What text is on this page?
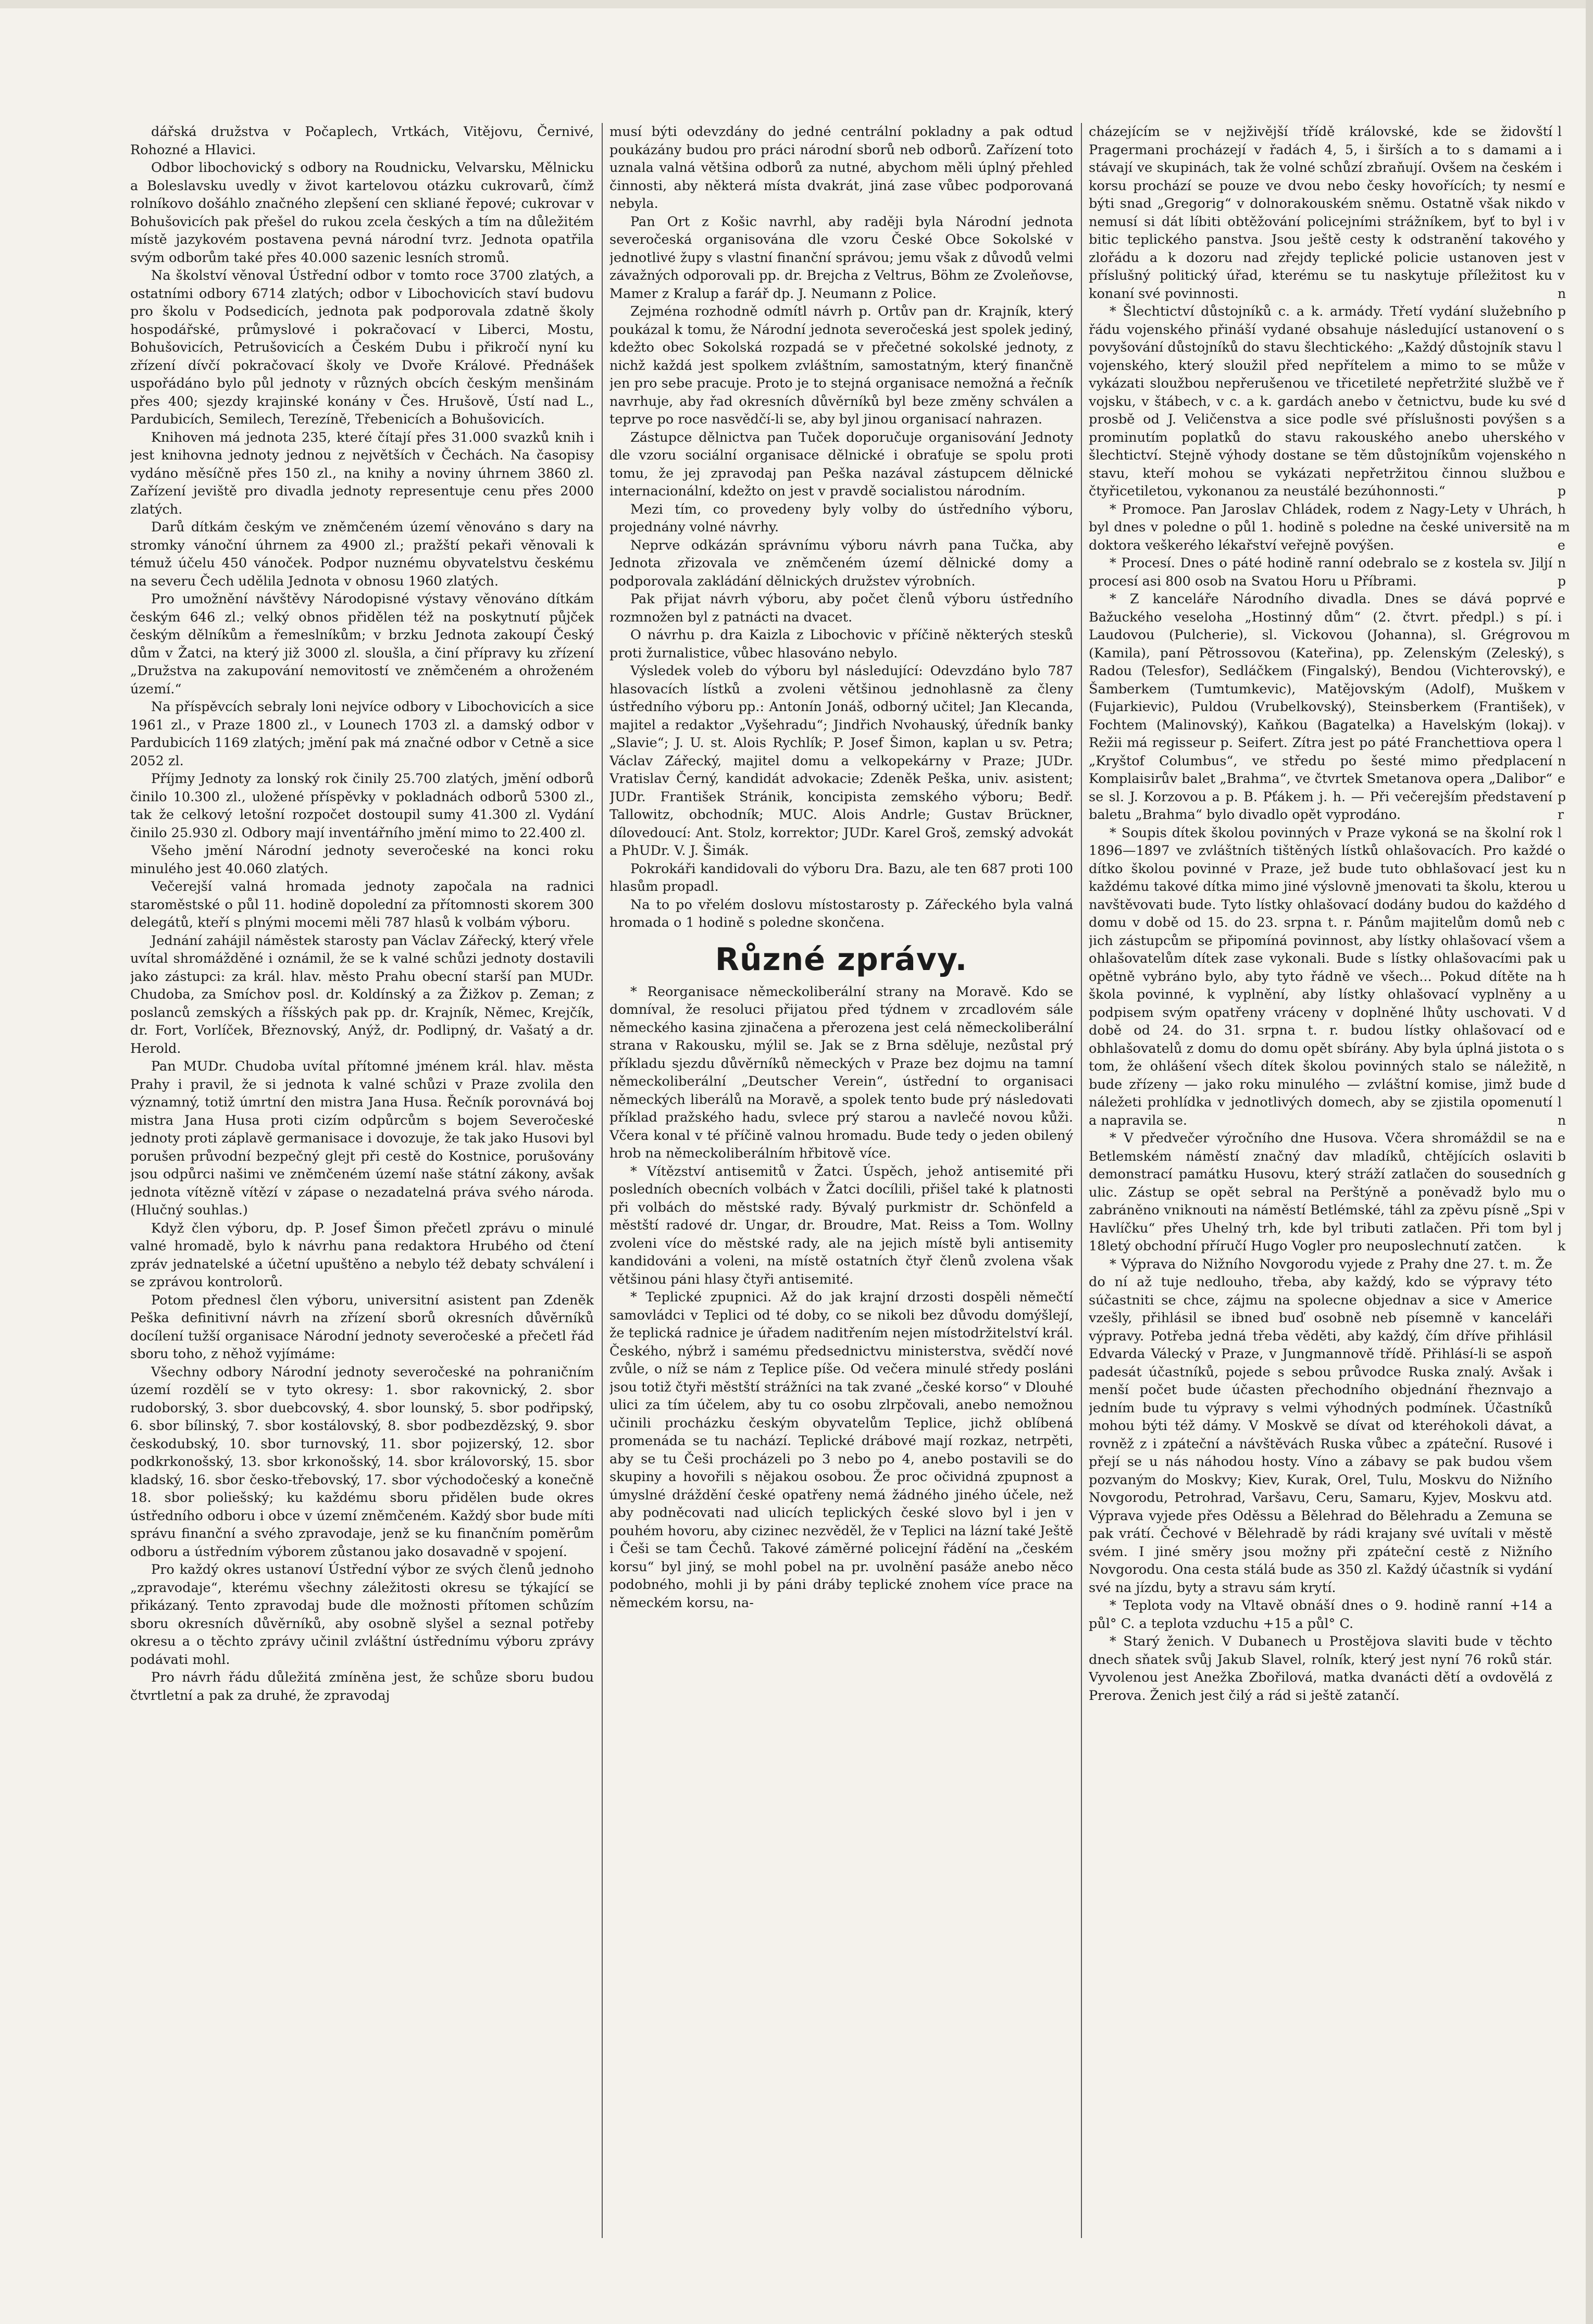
dářská družstva v Počaplech, Vrtkách, Vitějovu, Černivé, Rohozné a Hlavici.

Odbor libochovický s odbory na Roudnicku, Velvarsku, Mělnicku a Boleslavsku uvedly v život kartelovou otázku cukrovarů, čímž rolníkovo došáhlo značného zlepšení cen skliané řepové; cukrovar v Bohušovicích pak přešel do rukou zcela českých a tím na důležitém místě jazykovém postavena pevná národní tvrz. Jednota opatřila svým odborům také přes 40.000 sazenic lesních stromů.

Na školství věnoval Ústřední odbor v tomto roce 3700 zlatých, a ostatními odbory 6714 zlatých; odbor v Libochovicích staví budovu pro školu v Podsedicích, jednota pak podporovala zdatně školy hospodářské, průmyslové i pokračovací v Liberci, Mostu, Bohušovicích, Petrušovicích a Českém Dubu i přikročí nyní ku zřízení dívčí pokračovací školy ve Dvoře Králové. Přednášek uspořádáno bylo půl jednoty v různých obcích českým menšinám přes 400; sjezdy krajinské konány v Čes. Hrušově, Ústí nad L., Pardubicích, Semilech, Terezíně, Třebenicích a Bohušovicích.

Knihoven má jednota 235, které čítají přes 31.000 svazků knih i jest knihovna jednoty jednou z největších v Čechách. Na časopisy vydáno měsíčně přes 150 zl., na knihy a noviny úhrnem 3860 zl. Zařízení jeviště pro divadla jednoty representuje cenu přes 2000 zlatých.

Darů dítkám českým ve zněmčeném území věnováno s dary na stromky vánoční úhrnem za 4900 zl.; pražští pekaři věnovali k témuž účelu 450 vánoček. Podpor nuznému obyvatelstvu českému na severu Čech udělila Jednota v obnosu 1960 zlatých.

Pro umožnění návštěvy Národopisné výstavy věnováno dítkám českým 646 zl.; velký obnos přidělen též na poskytnutí půjček českým dělníkům a řemeslníkům; v brzku Jednota zakoupí Český dům v Žatci, na který již 3000 zl. sloušla, a činí přípravy ku zřízení „Družstva na zakupování nemovitostí ve zněmčeném a ohroženém území.“

Na příspěvcích sebraly loni nejvíce odbory v Libochovicích a sice 1961 zl., v Praze 1800 zl., v Lounech 1703 zl. a damský odbor v Pardubicích 1169 zlatých; jmění pak má značné odbor v Cetně a sice 2052 zl.

Příjmy Jednoty za lonský rok činily 25.700 zlatých, jmění odborů činilo 10.300 zl., uložené příspěvky v pokladnách odborů 5300 zl., tak že celkový letošní rozpočet dostoupil sumy 41.300 zl. Vydání činilo 25.930 zl. Odbory mají inventářního jmění mimo to 22.400 zl.

Všeho jmění Národní jednoty severočeské na konci roku minulého jest 40.060 zlatých.

Večerejší valná hromada jednoty započala na radnici staroměstské o půl 11. hodině dopolední za přítomnosti skorem 300 delegátů, kteří s plnými mocemi měli 787 hlasů k volbám výboru.

Jednání zahájil náměstek starosty pan Václav Zářecký, který vřele uvítal shromážděné i oznámil, že se k valné schůzi jednoty dostavili jako zástupci: za král. hlav. město Prahu obecní starší pan MUDr. Chudoba, za Smíchov posl. dr. Koldínský a za Žižkov p. Zeman; z poslanců zemských a říšských pak pp. dr. Krajník, Němec, Krejčík, dr. Fort, Vorlíček, Březnovský, Anýž, dr. Podlipný, dr. Vašatý a dr. Herold.

Pan MUDr. Chudoba uvítal přítomné jménem král. hlav. města Prahy i pravil, že si jednota k valné schůzi v Praze zvolila den významný, totiž úmrtní den mistra Jana Husa. Řečník porovnává boj mistra Jana Husa proti cizím odpůrcům s bojem Severočeské jednoty proti záplavě germanisace i dovozuje, že tak jako Husovi byl porušen průvodní bezpečný glejt při cestě do Kostnice, porušovány jsou odpůrci našimi ve zněmčeném území naše státní zákony, avšak jednota vítězně vítězí v zápase o nezadatelná práva svého národa. (Hlučný souhlas.)

Když člen výboru, dp. P. Josef Šimon přečetl zprávu o minulé valné hromadě, bylo k návrhu pana redaktora Hrubého od čtení zpráv jednatelské a účetní upuštěno a nebylo též debaty schválení i se zprávou kontrolorů.

Potom přednesl člen výboru, universitní asistent pan Zdeněk Peška definitivní návrh na zřízení sborů okresních důvěrníků docílení tužší organisace Národní jednoty severočeské a přečetl řád sboru toho, z něhož vyjímáme:

Všechny odbory Národní jednoty severočeské na pohraničním území rozdělí se v tyto okresy: 1. sbor rakovnický, 2. sbor rudoborský, 3. sbor duebcovský, 4. sbor lounský, 5. sbor podřipský, 6. sbor bílinský, 7. sbor kostálovský, 8. sbor podbezdězský, 9. sbor českodubský, 10. sbor turnovský, 11. sbor pojizerský, 12. sbor podkrkonošský, 13. sbor krkonošský, 14. sbor královorský, 15. sbor kladský, 16. sbor česko-třebovský, 17. sbor východočeský a konečně 18. sbor poliešský; ku každému sboru přidělen bude okres ústředního odboru i obce v území zněmčeném. Každý sbor bude míti správu finanční a svého zpravodaje, jenž se ku finančním poměrům odboru a ústředním výborem zůstanou jako dosavadně v spojení.

Pro každý okres ustanoví Ústřední výbor ze svých členů jednoho „zpravodaje“, kterému všechny záležitosti okresu se týkající se přikázaný. Tento zpravodaj bude dle možnosti přítomen schůzím sboru okresních důvěrníků, aby osobně slyšel a seznal potřeby okresu a o těchto zprávy učinil zvláštní ústřednímu výboru zprávy podávati mohl.

Pro návrh řádu důležitá zmíněna jest, že schůze sboru budou čtvrtletní a pak za druhé, že zpravodaj

musí býti odevzdány do jedné centrální pokladny a pak odtud poukázány budou pro práci národní sborů neb odborů. Zařízení toto uznala valná většina odborů za nutné, abychom měli úplný přehled činnosti, aby některá místa dvakrát, jiná zase vůbec podporovaná nebyla.

Pan Ort z Košic navrhl, aby raději byla Národní jednota severočeská organisována dle vzoru České Obce Sokolské v jednotlivé župy s vlastní finanční správou; jemu však z důvodů velmi závažných odporovali pp. dr. Brejcha z Veltrus, Böhm ze Zvoleňovse, Mamer z Kralup a farář dp. J. Neumann z Police.

Zejména rozhodně odmítl návrh p. Ortův pan dr. Krajník, který poukázal k tomu, že Národní jednota severočeská jest spolek jediný, kdežto obec Sokolská rozpadá se v přečetné sokolské jednoty, z nichž každá jest spolkem zvláštním, samostatným, který finančně jen pro sebe pracuje. Proto je to stejná organisace nemožná a řečník navrhuje, aby řad okresních důvěrníků byl beze změny schválen a teprve po roce nasvědčí-li se, aby byl jinou organisací nahrazen.

Zástupce dělnictva pan Tuček doporučuje organisování Jednoty dle vzoru sociální organisace dělnické i obraťuje se spolu proti tomu, že jej zpravodaj pan Peška nazával zástupcem dělnické internacionální, kdežto on jest v pravdě socialistou národním.

Mezi tím, co provedeny byly volby do ústředního výboru, projednány volné návrhy.

Neprve odkázán správnímu výboru návrh pana Tučka, aby Jednota zřizovala ve zněmčeném území dělnické domy a podporovala zakládání dělnických družstev výrobních.

Pak přijat návrh výboru, aby počet členů výboru ústředního rozmnožen byl z patnácti na dvacet.

O návrhu p. dra Kaizla z Libochovic v příčině některých stesků proti žurnalistice, vůbec hlasováno nebylo.

Výsledek voleb do výboru byl následující: Odevzdáno bylo 787 hlasovacích lístků a zvoleni většinou jednohlasně za členy ústředního výboru pp.: Antonín Jonáš, odborný učitel; Jan Klecanda, majitel a redaktor „Vyšehradu“; Jindřich Nvohauský, úředník banky „Slavie“; J. U. st. Alois Rychlík; P. Josef Šimon, kaplan u sv. Petra; Václav Zářecký, majitel domu a velkopekárny v Praze; JUDr. Vratislav Černý, kandidát advokacie; Zdeněk Peška, univ. asistent; JUDr. František Stránik, koncipista zemského výboru; Bedř. Tallowitz, obchodník; MUC. Alois Andrle; Gustav Brückner, dílovedoucí: Ant. Stolz, korrektor; JUDr. Karel Groš, zemský advokát a PhUDr. V. J. Šimák.

Pokrokáři kandidovali do výboru Dra. Bazu, ale ten 687 proti 100 hlasům propadl.

Na to po vřelém doslovu místostarosty p. Zářeckého byla valná hromada o 1 hodině s poledne skončena.

Různé zprávy.

* Reorganisace německoliberální strany na Moravě. Kdo se domníval, že resoluci přijatou před týdnem v zrcadlovém sále německého kasina zjinačena a přerozena jest celá německoliberální strana v Rakousku, mýlil se. Jak se z Brna sděluje, nezůstal prý příkladu sjezdu důvěrníků německých v Praze bez dojmu na tamní německoliberální „Deutscher Verein“, ústřední to organisaci německých liberálů na Moravě, a spolek tento bude prý následovati příklad pražského hadu, svlece prý starou a navlečé novou kůži. Včera konal v té příčině valnou hromadu. Bude tedy o jeden obilený hrob na německoliberálním hřbitově více.

* Vítězství antisemitů v Žatci. Úspěch, jehož antisemité při posledních obecních volbách v Žatci docílili, přišel také k platnosti při volbách do městské rady. Bývalý purkmistr dr. Schönfeld a městští radové dr. Ungar, dr. Broudre, Mat. Reiss a Tom. Wollny zvoleni více do městské rady, ale na jejich místě byli antisemity kandidováni a voleni, na místě ostatních čtyř členů zvolena však většinou páni hlasy čtyři antisemité.

* Teplické zpupnici. Až do jak krajní drzosti dospěli němečtí samovládci v Teplici od té doby, co se nikoli bez důvodu domýšlejí, že teplická radnice je úřadem naditřením nejen místodržitelství král. Českého, nýbrž i samému předsednictvu ministerstva, svědčí nové zvůle, o níž se nám z Teplice píše. Od večera minulé středy posláni jsou totiž čtyři městští strážníci na tak zvané „české korso“ v Dlouhé ulici za tím účelem, aby tu co osobu zlrpčovali, anebo nemožnou učinili procházku českým obyvatelům Teplice, jichž oblíbená promenáda se tu nachází. Teplické drábové mají rozkaz, netrpěti, aby se tu Češi procházeli po 3 nebo po 4, anebo postavili se do skupiny a hovořili s nějakou osobou. Že proc očividná zpupnost a úmyslné dráždění české opatřeny nemá žádného jiného účele, než aby podněcovati nad ulicích teplických české slovo byl i jen v pouhém hovoru, aby cizinec nezvěděl, že v Teplici na lázní také Ještě i Češi se tam Čechů. Takové záměrné policejní řádění na „českém korsu“ byl jiný, se mohl pobel na pr. uvolnění pasáže anebo něco podobného, mohli ji by páni dráby teplické znohem více prace na německém korsu, na-

cházejícím se v nejživější třídě královské, kde se židovští Pragermani procházejí v řadách 4, 5, i širších a to s damami a stávají ve skupinách, tak že volné schůzí zbraňují. Ovšem na českém korsu prochází se pouze ve dvou nebo česky hovořících; ty nesmí býti snad „Gregorig“ v dolnorakouském sněmu. Ostatně však nikdo nemusí si dát líbiti obtěžování policejními strážníkem, byť to byl i bitic teplického panstva. Jsou ještě cesty k odstranění takového zlořádu a k dozoru nad zřejdy teplické policie ustanoven jest příslušný politický úřad, kterému se tu naskytuje příležitost ku konaní své povinnosti.

* Šlechtictví důstojníků c. a k. armády. Třetí vydání služebního řádu vojenského přináší vydané obsahuje následující ustanovení o povyšování důstojníků do stavu šlechtického: „Každý důstojník stavu vojenského, který sloužil před nepřítelem a mimo to se může vykázati sloužbou nepřerušenou ve třicetileté nepřetržité službě ve vojsku, v štábech, v c. a k. gardách anebo v četnictvu, bude ku své prosbě od J. Veličenstva a sice podle své příslušnosti povýšen s prominutím poplatků do stavu rakouského anebo uherského šlechtictví. Stejně výhody dostane se těm důstojníkům vojenského stavu, kteří mohou se vykázati nepřetržitou činnou službou čtyřicetiletou, vykonanou za neustálé bezúhonnosti.“

* Promoce. Pan Jaroslav Chládek, rodem z Nagy-Lety v Uhrách, byl dnes v poledne o půl 1. hodině s poledne na české universitě na doktora veškerého lékařství veřejně povýšen.

* Procesí. Dnes o páté hodině ranní odebralo se z kostela sv. Jiljí procesí asi 800 osob na Svatou Horu u Příbrami.

* Z kanceláře Národního divadla. Dnes se dává poprvé Bažuckého veseloha „Hostinný dům“ (2. čtvrt. předpl.) s pí. Laudovou (Pulcherie), sl. Vickovou (Johanna), sl. Grégrovou (Kamila), paní Pětrossovou (Kateřina), pp. Zelenským (Zeleský), Radou (Telesfor), Sedláčkem (Fingalský), Bendou (Vichterovský), Šamberkem (Tumtumkevic), Matějovským (Adolf), Muškem (Fujarkievic), Puldou (Vrubelkovský), Steinsberkem (František), Fochtem (Malinovský), Kaňkou (Bagatelka) a Havelským (lokaj). Režii má regisseur p. Seifert. Zítra jest po páté Franchettiova opera „Kryštof Columbus“, ve středu po šesté mimo předplacení Komplaisirův balet „Brahma“, ve čtvrtek Smetanova opera „Dalibor“ se sl. J. Korzovou a p. B. Pťákem j. h. — Při večerejším představení baletu „Brahma“ bylo divadlo opět vyprodáno.

* Soupis dítek školou povinných v Praze vykoná se na školní rok 1896—1897 ve zvláštních tištěných lístků ohlašovacích. Pro každé dítko školou povinné v Praze, jež bude tuto obhlašovací jest ku každému takové dítka mimo jiné výslovně jmenovati ta školu, kterou navštěvovati bude. Tyto lístky ohlašovací dodány budou do každého domu v době od 15. do 23. srpna t. r. Pánům majitelům domů neb jich zástupcům se připomíná povinnost, aby lístky ohlašovací všem ohlašovatelům dítek zase vykonali. Bude s lístky ohlašovacími pak opětně vybráno bylo, aby tyto řádně ve všech... Pokud dítěte na škola povinné, k vyplnění, aby lístky ohlašovací vyplněny a podpisem svým opatřeny vráceny v doplněné lhůty uschovati. V době od 24. do 31. srpna t. r. budou lístky ohlašovací od obhlašovatelů z domu do domu opět sbírány. Aby byla úplná jistota o tom, že ohlášení všech dítek školou povinných stalo se náležitě, bude zřízeny — jako roku minulého — zvláštní komise, jimž bude náležeti prohlídka v jednotlivých domech, aby se zjistila opomenutí a napravila se.

* V předvečer výročního dne Husova. Včera shromáždil se na Betlemském náměstí značný dav mladíků, chtějících oslaviti demonstrací památku Husovu, který stráží zatlačen do sousedních ulic. Zástup se opět sebral na Perštýně a poněvadž bylo mu zabráněno vniknouti na náměstí Betlémské, táhl za zpěvu písně „Spi Havlíčku“ přes Uhelný trh, kde byl tributi zatlačen. Při tom byl 18letý obchodní příručí Hugo Vogler pro neuposlechnutí zatčen.

* Výprava do Nižního Novgorodu vyjede z Prahy dne 27. t. m. Že do ní až tuje nedlouho, třeba, aby každý, kdo se výpravy této súčastniti se chce, zájmu na spolecne objednav a sice v Americe vzešly, přihlásil se ibned buď osobně neb písemně v kanceláři výpravy. Potřeba jedná třeba věděti, aby každý, čím dříve přihlásil Edvarda Válecký v Praze, v Jungmannově třídě. Přihlásí-li se aspoň padesát účastníků, pojede s sebou průvodce Ruska znalý. Avšak i menší počet bude účasten přechodního objednání řheznvajo a jedním bude tu výpravy s velmi výhodných podmínek. Účastníků mohou býti též dámy. V Moskvě se dívat od kteréhokoli dávat, a rovněž z i zpáteční a návštěvách Ruska vůbec a zpáteční. Rusové i přejí se u nás náhodou hosty. Víno a zábavy se pak budou všem pozvaným do Moskvy; Kiev, Kurak, Orel, Tulu, Moskvu do Nižního Novgorodu, Petrohrad, Varšavu, Ceru, Samaru, Kyjev, Moskvu atd. Výprava vyjede přes Oděssu a Bělehrad do Bělehradu a Zemuna se pak vrátí. Čechové v Bělehradě by rádi krajany své uvítali v městě svém. I jiné směry jsou možny při zpáteční cestě z Nižního Novgorodu. Ona cesta stálá bude as 350 zl. Každý účastník si vydání své na jízdu, byty a stravu sám krytí.

* Teplota vody na Vltavě obnáší dnes o 9. hodině ranní +14 a půl° C. a teplota vzduchu +15 a půl° C.

* Starý ženich. V Dubanech u Prostějova slaviti bude v těchto dnech sňatek svůj Jakub Slavel, rolník, který jest nyní 76 roků stár. Vyvolenou jest Anežka Zbořilová, matka dvanácti dětí a ovdovělá z Prerova. Ženich jest čilý a rád si ještě zatančí.

l
i
i
e
v
v
y
v
v
n
p
s
l
v
ř
d
a
v
n
e
p
h
m
e
n
p
e
i
m
s
e
v
v
v
l
n
e
p
r
l
o
n
u
d
c
a
u
h
u
d
e
s
n
d
l
n
e
b
g
o
v
j
k
